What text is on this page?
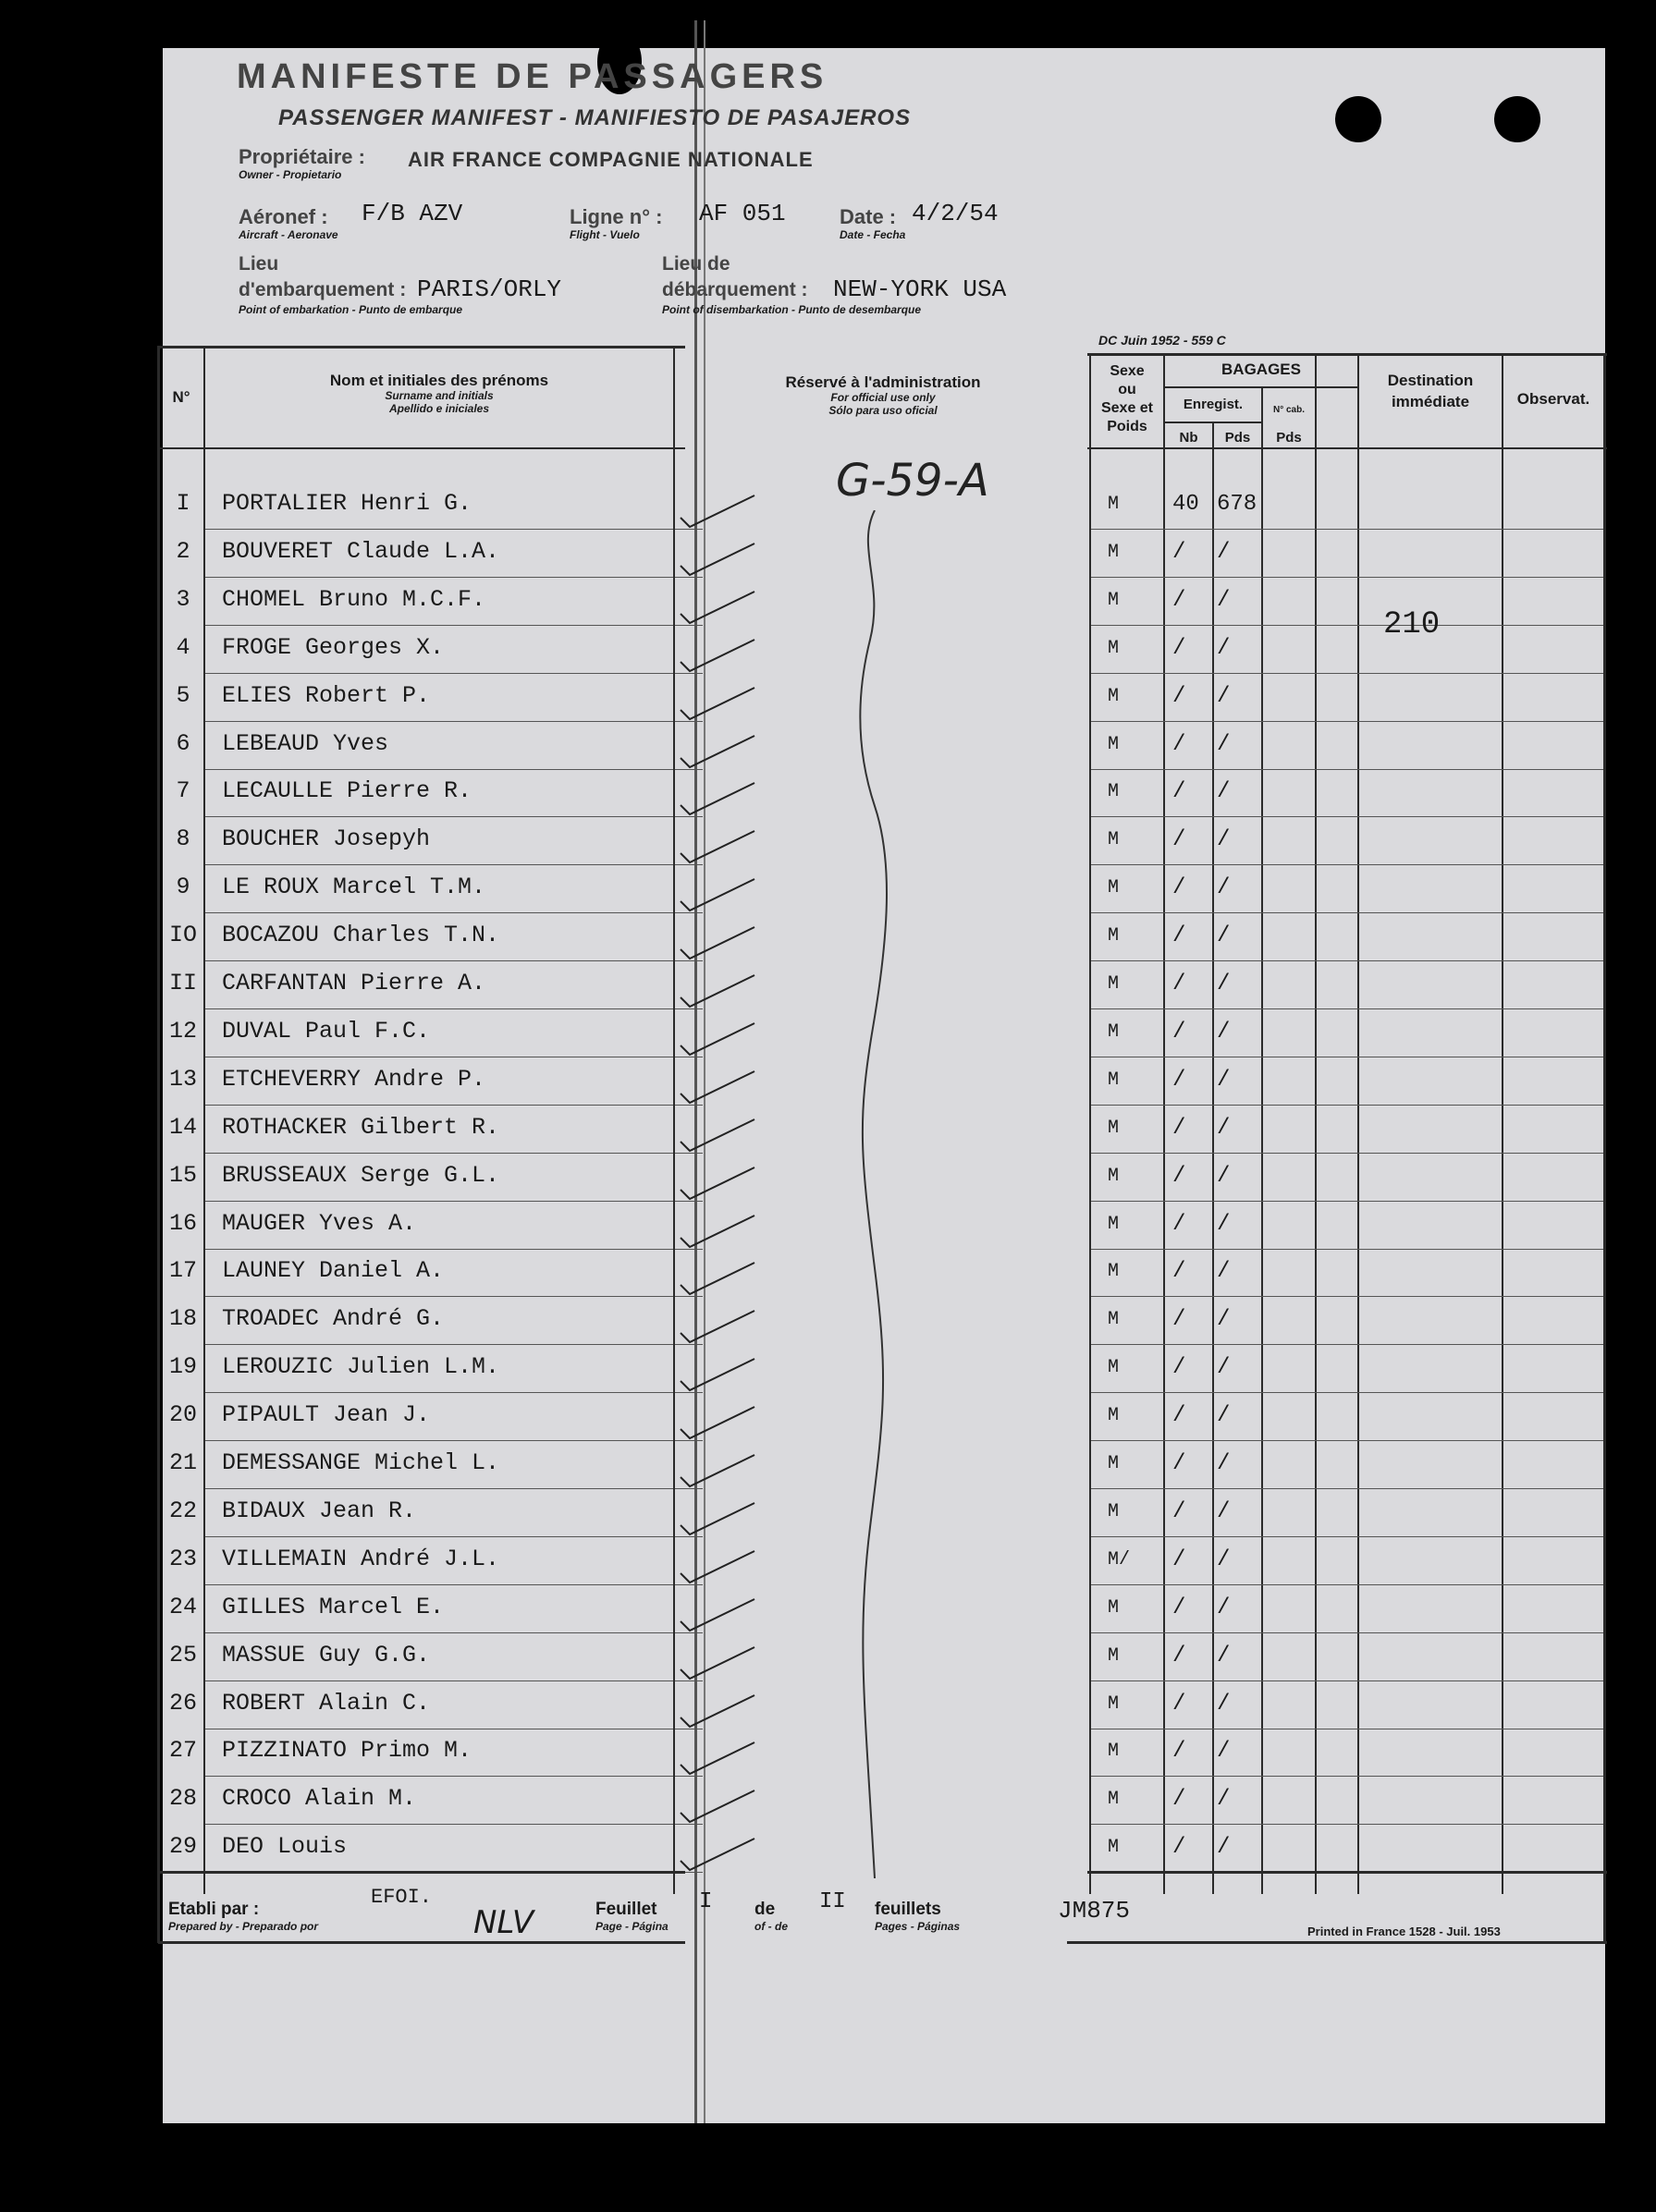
MANIFESTE DE PASSAGERS
PASSENGER MANIFEST - MANIFIESTO DE PASAJEROS
Propriétaire :
Owner - Propietario
AIR FRANCE COMPAGNIE NATIONALE
Aéronef :
Aircraft - Aeronave
F/B AZV	Ligne n° :
Flight - Vuelo
AF 051	Date :
Date - Fecha
4/2/54
Lieu
d'embarquement :
Point of embarkation - Punto de embarque
PARIS/ORLY
Lieu de
débarquement :
Point of disembarkation - Punto de desembarque
NEW-YORK USA
DC Juin 1952 - 559 C
N°
Nom et initiales des prénoms
Surname and initials
Apellido e iniciales
Réservé à l'administration
For official use only
Sólo para uso oficial
Sexe
ou
Sexe et
Poids
BAGAGES
Enregist.
Nb	Pds
N° cab.
Pds
Destination
immédiate	Observat.
I	PORTALIER Henri G.	M 40 678
2	BOUVERET Claude L.A.	M / /
3	CHOMEL Bruno M.C.F.	M / /
4	FROGE Georges X.	M / /
5	ELIES Robert P.	M / /
6	LEBEAUD Yves	M / /
7	LECAULLE Pierre R.	M / /
8	BOUCHER Josepyh	M / /
9	LE ROUX Marcel T.M.	M / /
IO BOCAZOU Charles T.N.	M / /
II CARFANTAN Pierre A.	M / /
12 DUVAL Paul F.C.	M / /
13 ETCHEVERRY Andre P.	M / /
14 ROTHACKER Gilbert R.	M / /
15 BRUSSEAUX Serge G.L.	M / /
16 MAUGER Yves A.	M / /
17 LAUNEY Daniel A.	M / /
18 TROADEC André G.	M / /
19 LEROUZIC Julien L.M.	M / /
20 PIPAULT Jean J.	M / /
21 DEMESSANGE Michel L.	M / /
22 BIDAUX Jean R.	M / /
23 VILLEMAIN André J.L.	M/ / /
24 GILLES Marcel E.	M / /
25 MASSUE Guy G.G.	M / /
26 ROBERT Alain C.	M / /
27 PIZZINATO Primo M.	M / /
28 CROCO Alain M.	M / /
29 DEO Louis	M / /
G-59-A
210
Etabli par :
Prepared by - Preparado por
EFOI.
NLV	Feuillet
Page - Página
I de
of - de
II feuillets
Pages - Páginas
JM875
Printed in France 1528 - Juil. 1953
